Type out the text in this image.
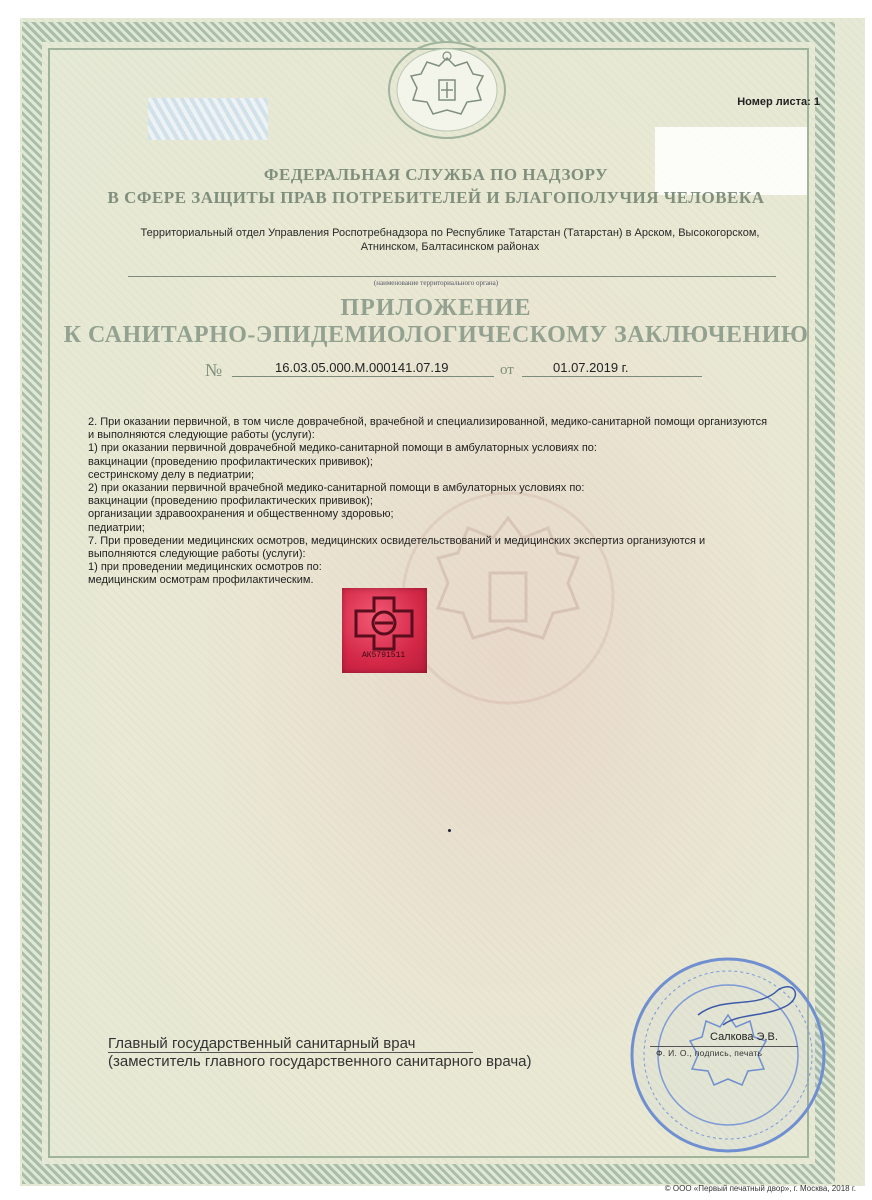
Номер листа: 1
ФЕДЕРАЛЬНАЯ СЛУЖБА ПО НАДЗОРУ
В СФЕРЕ ЗАЩИТЫ ПРАВ ПОТРЕБИТЕЛЕЙ И БЛАГОПОЛУЧИЯ ЧЕЛОВЕКА
Территориальный отдел Управления Роспотребнадзора по Республике Татарстан (Татарстан) в Арском, Высокогорском,
Атнинском, Балтасинском районах
(наименование территориального органа)
ПРИЛОЖЕНИЕ
К САНИТАРНО-ЭПИДЕМИОЛОГИЧЕСКОМУ ЗАКЛЮЧЕНИЮ
№	16.03.05.000.М.000141.07.19	от	01.07.2019 г.
2. При оказании первичной, в том числе доврачебной, врачебной и специализированной, медико-санитарной помощи организуются
и выполняются следующие работы (услуги):
1) при оказании первичной доврачебной медико-санитарной помощи в амбулаторных условиях по:
вакцинации (проведению профилактических прививок);
сестринскому делу в педиатрии;
2) при оказании первичной врачебной медико-санитарной помощи в амбулаторных условиях по:
вакцинации (проведению профилактических прививок);
организации здравоохранения и общественному здоровью;
педиатрии;
7. При проведении медицинских осмотров, медицинских освидетельствований и медицинских экспертиз организуются и
выполняются следующие работы (услуги):
1) при проведении медицинских осмотров по:
медицинским осмотрам профилактическим.
АК5791511
Главный государственный санитарный врач
(заместитель главного государственного санитарного врача)
Салкова Э.В.
Ф. И. О., подпись, печать
© ООО «Первый печатный двор», г. Москва, 2018 г.
